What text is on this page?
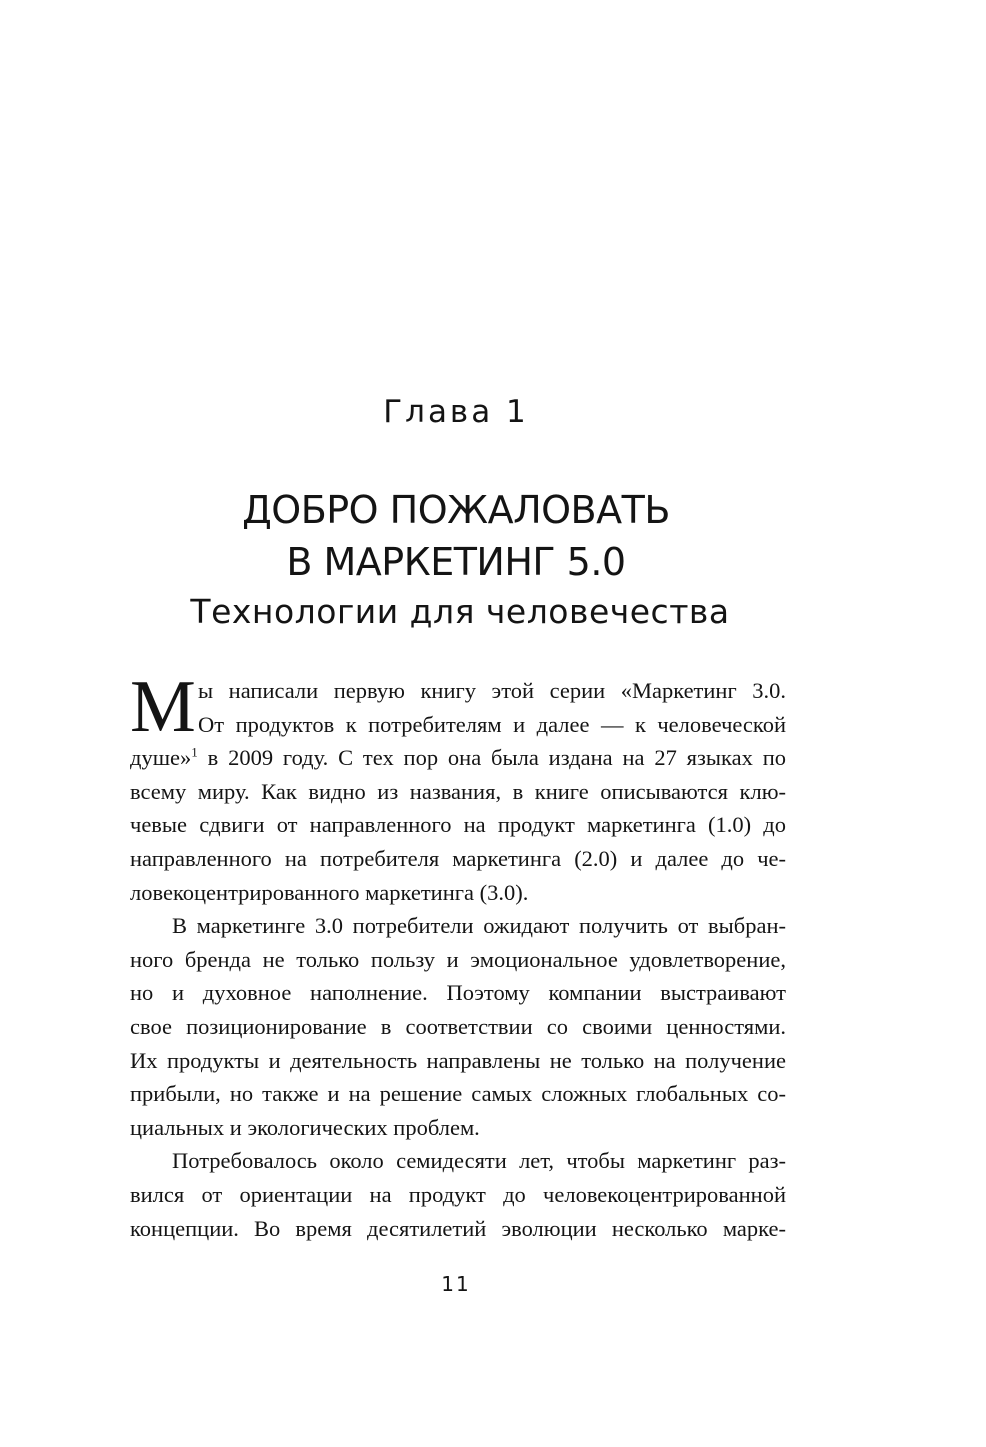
Глава 1
ДОБРО ПОЖАЛОВАТЬ
В МАРКЕТИНГ 5.0
Технологии для человечества
М ы написали первую книгу этой серии «Маркетинг 3.0.
От продуктов к потребителям и далее — к человеческой
душе»$^1$ в 2009 году. С тех пор она была издана на 27 языках по
всему миру. Как видно из названия, в книге описываются клю-
чевые сдвиги от направленного на продукт маркетинга (1.0) до
направленного на потребителя маркетинга (2.0) и далее до че-
ловекоцентрированного маркетинга (3.0).
В маркетинге 3.0 потребители ожидают получить от выбран-
ного бренда не только пользу и эмоциональное удовлетворение,
но и духовное наполнение. Поэтому компании выстраивают
свое позиционирование в соответствии со своими ценностями.
Их продукты и деятельность направлены не только на получение
прибыли, но также и на решение самых сложных глобальных со-
циальных и экологических проблем.
Потребовалось около семидесяти лет, чтобы маркетинг раз-
вился от ориентации на продукт до человекоцентрированной
концепции. Во время десятилетий эволюции несколько марке-
11
